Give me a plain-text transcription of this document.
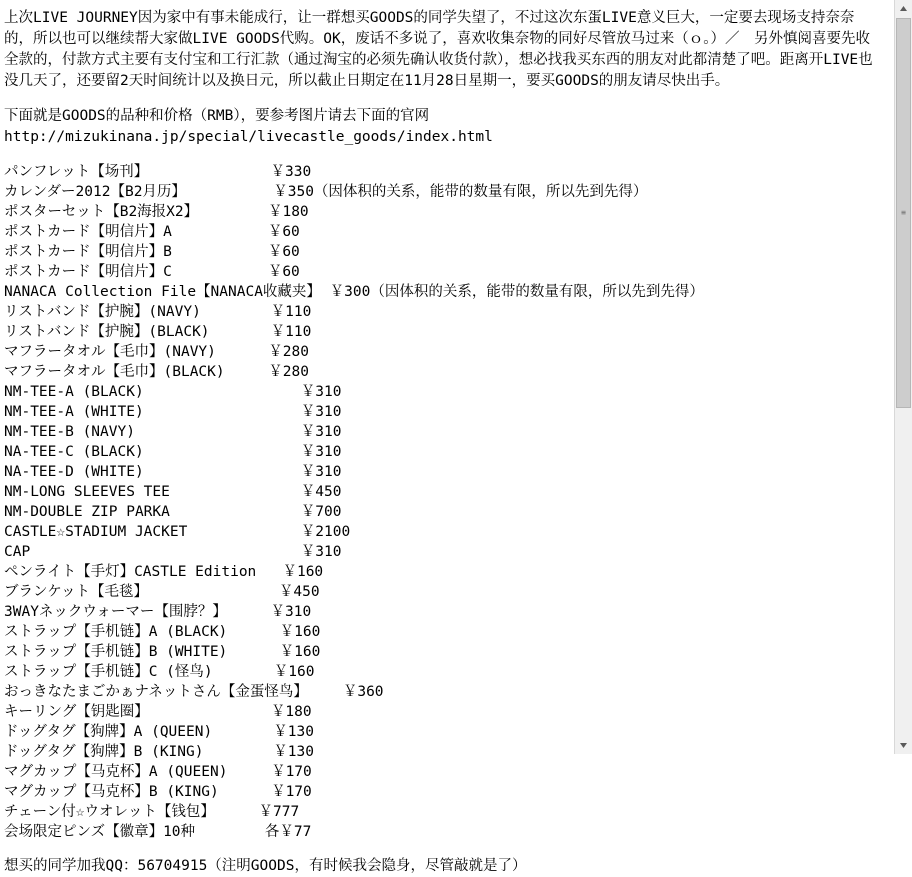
上次LIVE JOURNEY因为家中有事未能成行，让一群想买GOODS的同学失望了，不过这次东蛋LIVE意义巨大，一定要去现场支持奈奈的，所以也可以继续帮大家做LIVE GOODS代购。OK，废话不多说了，喜欢收集奈物的同好尽管放马过来（ｏ。）／　另外慎阅喜要先收全款的，付款方式主要有支付宝和工行汇款（通过淘宝的必须先确认收货付款），想必找我买东西的朋友对此都清楚了吧。距离开LIVE也没几天了，还要留2天时间统计以及换日元，所以截止日期定在11月28日星期一，要买GOODS的朋友请尽快出手。

下面就是GOODS的品种和价格（RMB），要参考图片请去下面的官网

http://mizukinana.jp/special/livecastle_goods/index.html

パンフレット【场刊】              ￥330

カレンダー2012【B2月历】          ￥350（因体积的关系，能带的数量有限，所以先到先得）

ポスターセット【B2海报X2】        ￥180

ポストカード【明信片】A           ￥60

ポストカード【明信片】B           ￥60

ポストカード【明信片】C           ￥60

NANACA Collection File【NANACA收藏夹】 ￥300（因体积的关系，能带的数量有限，所以先到先得）

リストバンド【护腕】(NAVY)        ￥110

リストバンド【护腕】(BLACK)       ￥110

マフラータオル【毛巾】(NAVY)      ￥280

マフラータオル【毛巾】(BLACK)     ￥280

NM-TEE-A (BLACK)                  ￥310

NM-TEE-A (WHITE)                  ￥310

NM-TEE-B (NAVY)                   ￥310

NA-TEE-C (BLACK)                  ￥310

NA-TEE-D (WHITE)                  ￥310

NM-LONG SLEEVES TEE               ￥450

NM-DOUBLE ZIP PARKA               ￥700

CASTLE☆STADIUM JACKET             ￥2100

CAP                               ￥310

ペンライト【手灯】CASTLE Edition   ￥160

ブランケット【毛毯】               ￥450

3WAYネックウォーマー【围脖？】     ￥310

ストラップ【手机链】A (BLACK)      ￥160

ストラップ【手机链】B (WHITE)      ￥160

ストラップ【手机链】C (怪鸟)       ￥160

おっきなたまごかぁナネットさん【金蛋怪鸟】    ￥360

キーリング【钥匙圈】              ￥180

ドッグタグ【狗牌】A (QUEEN)       ￥130

ドッグタグ【狗牌】B (KING)        ￥130

マグカップ【马克杯】A (QUEEN)     ￥170

マグカップ【马克杯】B (KING)      ￥170

チェーン付☆ウオレット【钱包】     ￥777

会场限定ピンズ【徽章】10种        各￥77

想买的同学加我QQ：56704915（注明GOODS，有时候我会隐身，尽管敲就是了）

≡
